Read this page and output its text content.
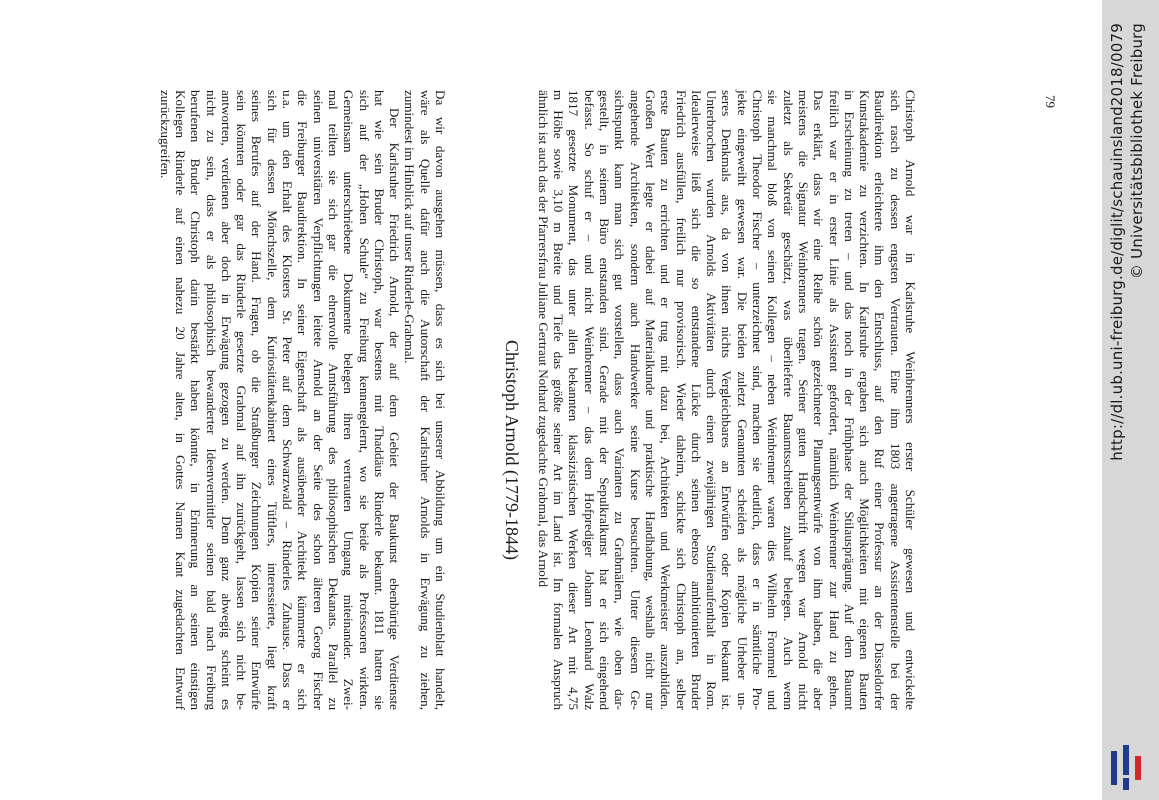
79
Da wir davon ausgehen müssen, dass es sich bei unserer Abbildung um ein Studienblatt handelt,
wäre als Quelle dafür auch die Autorschaft der Karlsruher Arnolds in Erwägung zu ziehen,
zumindest im Hinblick auf unser Rinderle-Grabmal.
Der Karlsruher Friedrich Arnold, der auf dem Gebiet der Baukunst ebenbürtige Verdienste
hat wie sein Bruder Christoph, war bestens mit Thaddäus Rinderle bekannt. 1811 hatten sie
sich auf der „Hohen Schule“ zu Freiburg kennengelernt, wo sie beide als Professoren wirkten.
Gemeinsam unterschriebene Dokumente belegen ihren vertrauten Umgang miteinander. Zwei-
mal teilten sie sich gar die ehrenvolle Amtsführung des philosophischen Dekanats. Parallel zu
seinen universitären Verpflichtungen leitete Arnold an der Seite des schon älteren Georg Fischer
die Freiburger Baudirektion. In seiner Eigenschaft als ausübender Architekt kümmerte er sich
u.a. um den Erhalt des Klosters St. Peter auf dem Schwarzwald – Rinderles Zuhause. Dass er
sich für dessen Mönchszelle, dem Kuriositätenkabinett eines Tüftlers, interessierte, liegt kraft
seines Berufes auf der Hand. Fragen, ob die Straßburger Zeichnungen Kopien seiner Entwürfe
sein könnten oder gar das Rinderle gesetzte Grabmal auf ihn zurückgeht, lassen sich nicht be-
antworten, verdienen aber doch in Erwägung gezogen zu werden. Denn ganz abwegig scheint es
nicht zu sein, dass er als philosophisch bewanderter Ideenvermittler seinen bald nach Freiburg
berufenen Bruder Christoph darin bestärkt haben könnte, in Erinnerung an seinen einstigen
Kollegen Rinderle auf einen nahezu 20 Jahre alten, in Gottes Namen Kant zugedachten Entwurf
zurückzugreifen.
Christoph Arnold (1779-1844)	Christoph Arnold war in Karlsruhe Weinbrenners erster Schüler gewesen und entwickelte
sich rasch zu dessen engsten Vertrauten. Eine ihm 1803 angetragene Assistentenstelle bei der
Baudirektion erleichterte ihm den Entschluss, auf den Ruf einer Professur an der Düsseldorfer
Kunstakademie zu verzichten. In Karlsruhe ergaben sich auch Möglichkeiten mit eigenen Bauten
in Erscheinung zu treten – und das noch in der Frühphase der Stilausprägung. Auf dem Bauamt
freilich war er in erster Linie als Assistent gefordert, nämlich Weinbrenner zur Hand zu gehen.
Das erklärt, dass wir eine Reihe schön gezeichneter Planungsentwürfe von ihm haben, die aber
meistens die Signatur Weinbrenners tragen. Seiner guten Handschrift wegen war Arnold nicht
zuletzt als Sekretär geschätzt, was überlieferte Bauamtsschreiben zuhauf belegen. Auch wenn
sie manchmal bloß von seinen Kollegen – neben Weinbrenner waren dies Wilhelm Frommel und
Christoph Theodor Fischer – unterzeichnet sind, machen sie deutlich, dass er in sämtliche Pro-
jekte eingeweiht gewesen war. Die beiden zuletzt Genannten scheiden als mögliche Urheber un-
seres Denkmals aus, da von ihnen nichts Vergleichbares an Entwürfen oder Kopien bekannt ist.
Unterbrochen wurden Arnolds Aktivitäten durch einen zweijährigen Studienaufenthalt in Rom.
Idealerweise ließ sich die so entstandene Lücke durch seinen ebenso ambitionierten Bruder
Friedrich ausfüllen, freilich nur provisorisch. Wieder daheim, schickte sich Christoph an, selber
erste Bauten zu errichten und er trug mit dazu bei, Architekten und Werkmeister auszubilden.
Großen Wert legte er dabei auf Materialkunde und praktische Handhabung, weshalb nicht nur
angehende Architekten, sondern auch Handwerker seine Kurse besuchten. Unter diesem Ge-
sichtspunkt kann man sich gut vorstellen, dass auch Varianten zu Grabmälern, wie oben dar-
gestellt, in seinem Büro entstanden sind. Gerade mit der Sepulkralkunst hat er sich eingehend
befasst. So schuf er – und nicht Weinbrenner – das dem Hofprediger Johann Leonhard Walz
1817 gesetzte Monument, das unter allen bekannten klassizistischen Werken dieser Art mit 4,75
m Höhe sowie 3,10 m Breite und Tiefe das größte seiner Art im Land ist. Im formalen Anspruch
ähnlich ist auch das der Pfarrersfrau Juliane Gertraut Nothard zugedachte Grabmal, das Arnold	http://dl.ub.uni-freiburg.de/diglit/schauinsland2018/0079 © Universitätsbibliothek Freiburg
